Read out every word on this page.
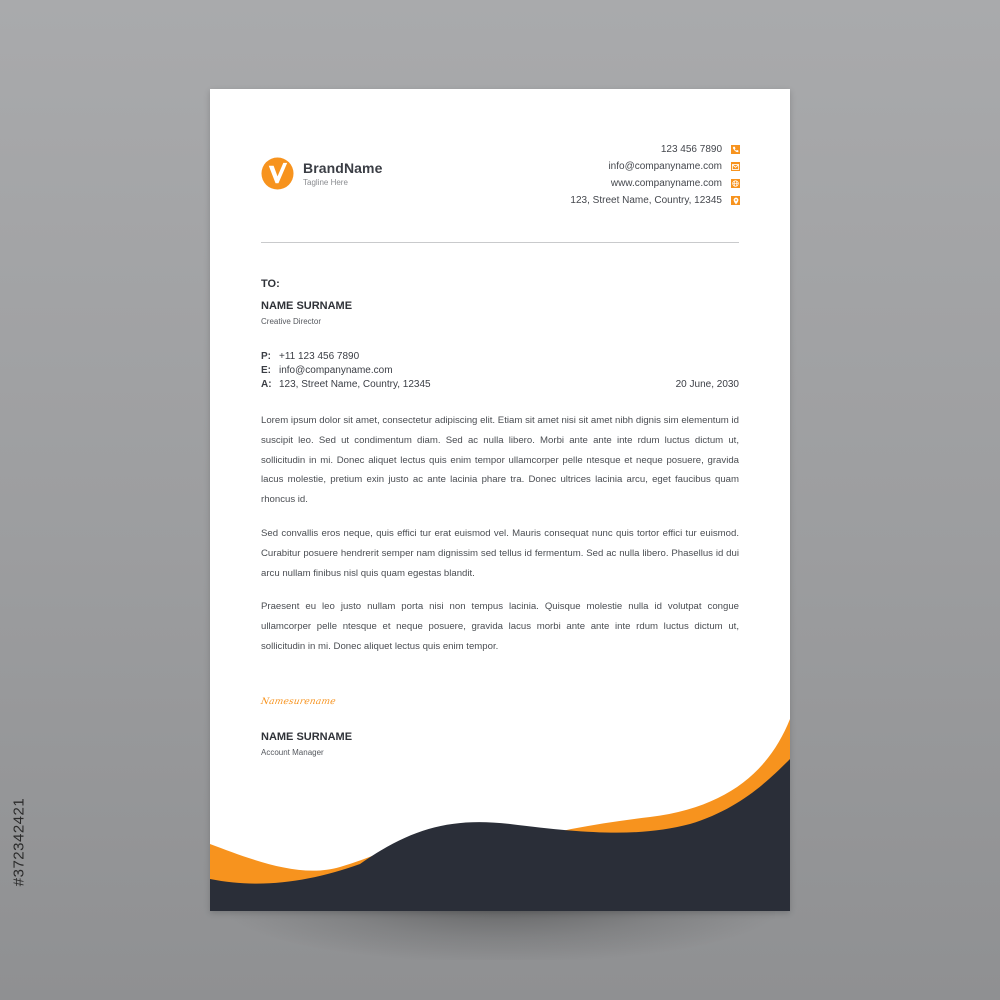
BrandName
Tagline Here
123 456 7890
info@companyname.com
www.companyname.com
123, Street Name, Country, 12345
TO:
NAME SURNAME
Creative Director
P: +11 123 456 7890
E: info@companyname.com
A: 123, Street Name, Country, 12345	20 June, 2030

Lorem ipsum dolor sit amet, consectetur adipiscing elit. Etiam sit amet nisi sit amet nibh dignis sim elementum id suscipit leo. Sed ut condimentum diam. Sed ac nulla libero. Morbi ante ante inte rdum luctus dictum ut, sollicitudin in mi. Donec aliquet lectus quis enim tempor ullamcorper pelle ntesque et neque posuere, gravida lacus molestie, pretium exin justo ac ante lacinia phare tra. Donec ultrices lacinia arcu, eget faucibus quam rhoncus id.

Sed convallis eros neque, quis effici tur erat euismod vel. Mauris consequat nunc quis tortor effici tur euismod. Curabitur posuere hendrerit semper nam dignissim sed tellus id fermentum. Sed ac nulla libero. Phasellus id dui arcu nullam finibus nisl quis quam egestas blandit.

Praesent eu leo justo nullam porta nisi non tempus lacinia. Quisque molestie nulla id volutpat congue ullamcorper pelle ntesque et neque posuere, gravida lacus morbi ante ante inte rdum luctus dictum ut, sollicitudin in mi. Donec aliquet lectus quis enim tempor.

Namesurename
NAME SURNAME
Account Manager
#372342421
